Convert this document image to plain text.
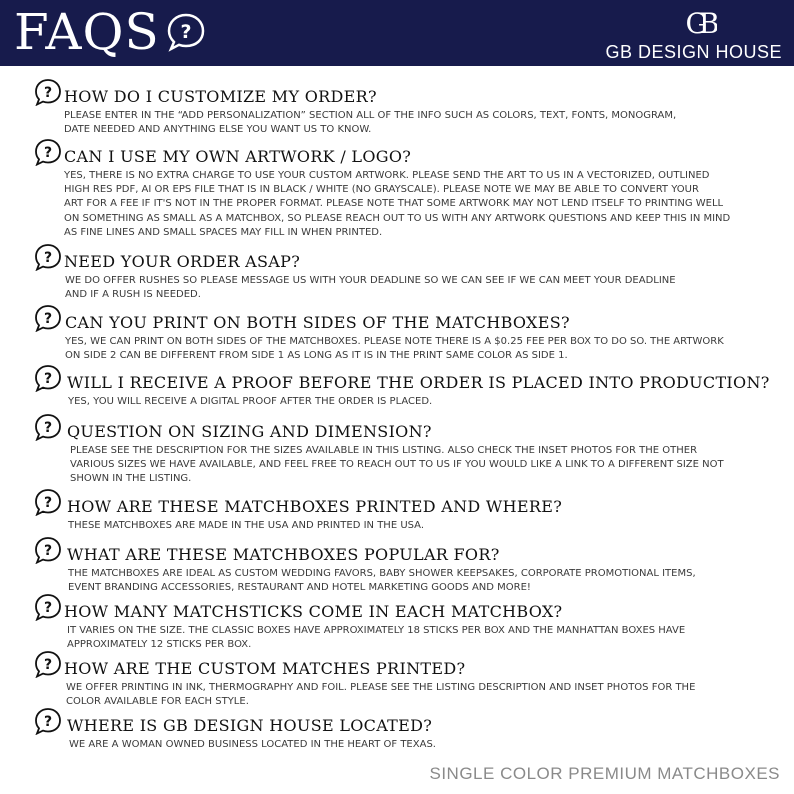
FAQS ?	GB
GB DESIGN HOUSE
? HOW DO I CUSTOMIZE MY ORDER?
PLEASE ENTER IN THE “ADD PERSONALIZATION” SECTION ALL OF THE INFO SUCH AS COLORS, TEXT, FONTS, MONOGRAM,
DATE NEEDED AND ANYTHING ELSE YOU WANT US TO KNOW.
? CAN I USE MY OWN ARTWORK / LOGO?
YES, THERE IS NO EXTRA CHARGE TO USE YOUR CUSTOM ARTWORK. PLEASE SEND THE ART TO US IN A VECTORIZED, OUTLINED
HIGH RES PDF, AI OR EPS FILE THAT IS IN BLACK / WHITE (NO GRAYSCALE). PLEASE NOTE WE MAY BE ABLE TO CONVERT YOUR
ART FOR A FEE IF IT'S NOT IN THE PROPER FORMAT. PLEASE NOTE THAT SOME ARTWORK MAY NOT LEND ITSELF TO PRINTING WELL
ON SOMETHING AS SMALL AS A MATCHBOX, SO PLEASE REACH OUT TO US WITH ANY ARTWORK QUESTIONS AND KEEP THIS IN MIND
AS FINE LINES AND SMALL SPACES MAY FILL IN WHEN PRINTED.
? NEED YOUR ORDER ASAP?
WE DO OFFER RUSHES SO PLEASE MESSAGE US WITH YOUR DEADLINE SO WE CAN SEE IF WE CAN MEET YOUR DEADLINE
AND IF A RUSH IS NEEDED.
? CAN YOU PRINT ON BOTH SIDES OF THE MATCHBOXES?
YES, WE CAN PRINT ON BOTH SIDES OF THE MATCHBOXES. PLEASE NOTE THERE IS A $0.25 FEE PER BOX TO DO SO. THE ARTWORK
ON SIDE 2 CAN BE DIFFERENT FROM SIDE 1 AS LONG AS IT IS IN THE PRINT SAME COLOR AS SIDE 1.
? WILL I RECEIVE A PROOF BEFORE THE ORDER IS PLACED INTO PRODUCTION?
YES, YOU WILL RECEIVE A DIGITAL PROOF AFTER THE ORDER IS PLACED.
? QUESTION ON SIZING AND DIMENSION?
PLEASE SEE THE DESCRIPTION FOR THE SIZES AVAILABLE IN THIS LISTING. ALSO CHECK THE INSET PHOTOS FOR THE OTHER
VARIOUS SIZES WE HAVE AVAILABLE, AND FEEL FREE TO REACH OUT TO US IF YOU WOULD LIKE A LINK TO A DIFFERENT SIZE NOT
SHOWN IN THE LISTING.
? HOW ARE THESE MATCHBOXES PRINTED AND WHERE?
THESE MATCHBOXES ARE MADE IN THE USA AND PRINTED IN THE USA.
? WHAT ARE THESE MATCHBOXES POPULAR FOR?
THE MATCHBOXES ARE IDEAL AS CUSTOM WEDDING FAVORS, BABY SHOWER KEEPSAKES, CORPORATE PROMOTIONAL ITEMS,
EVENT BRANDING ACCESSORIES, RESTAURANT AND HOTEL MARKETING GOODS AND MORE!
? HOW MANY MATCHSTICKS COME IN EACH MATCHBOX?
IT VARIES ON THE SIZE. THE CLASSIC BOXES HAVE APPROXIMATELY 18 STICKS PER BOX AND THE MANHATTAN BOXES HAVE
APPROXIMATELY 12 STICKS PER BOX.
? HOW ARE THE CUSTOM MATCHES PRINTED?
WE OFFER PRINTING IN INK, THERMOGRAPHY AND FOIL. PLEASE SEE THE LISTING DESCRIPTION AND INSET PHOTOS FOR THE
COLOR AVAILABLE FOR EACH STYLE.
? WHERE IS GB DESIGN HOUSE LOCATED?
WE ARE A WOMAN OWNED BUSINESS LOCATED IN THE HEART OF TEXAS.
SINGLE COLOR PREMIUM MATCHBOXES
